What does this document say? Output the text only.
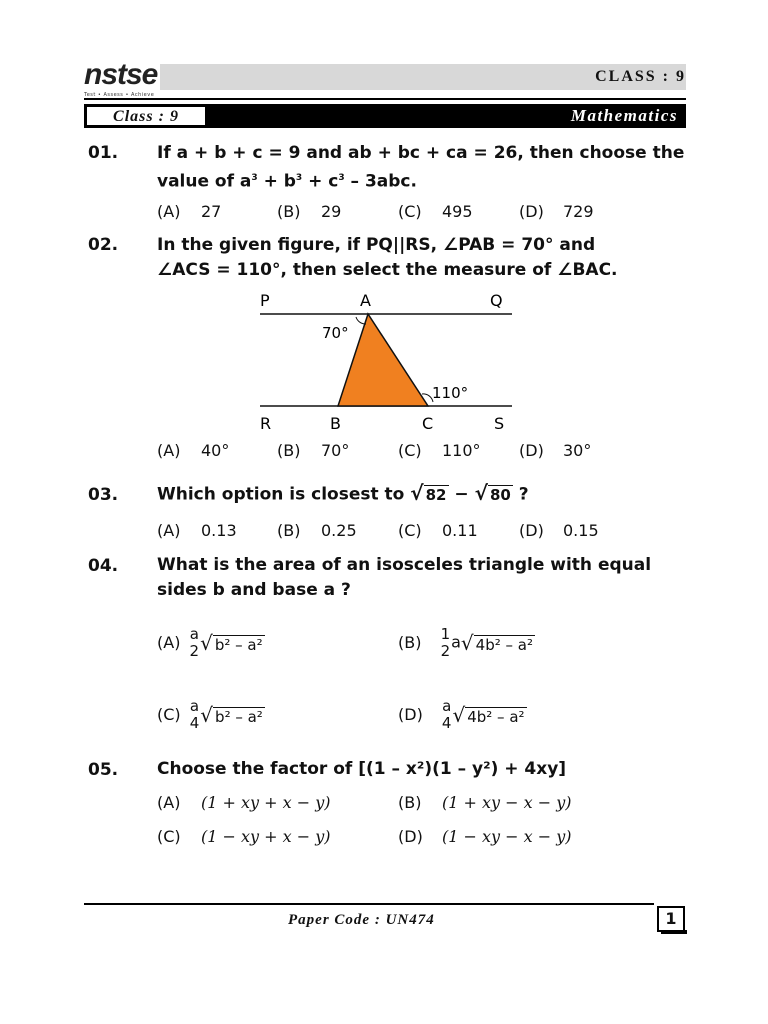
nstse
Test • Assess • Achieve
CLASS : 9
Class : 9	Mathematics
01. If a + b + c = 9 and ab + bc + ca = 26, then choose the
value of $a^3 + b^3 + c^3 - 3abc$.
(A) 27	(B) 29	(C) 495	(D) 729
02. In the given figure, if PQ||RS, ∠PAB = 70° and
∠ACS = 110°, then select the measure of ∠BAC.
P	A	Q
70°
110°
R	B	C	S
(A) 40°	(B) 70°	(C) 110° (D) 30°
03. Which option is closest to √ 82 − √ 80 ?
(A) 0.13	(B) 0.25	(C) 0.11	(D) 0.15
04. What is the area of an isosceles triangle with equal
sides b and base a ?
(A) a
2 √ b² – a²	(B) 1
2 a√ 4b² – a²
(C) a
4 √ b² – a²	(D) a
4 √ 4b² – a²
05. Choose the factor of [(1 – x²)(1 – y²) + 4xy]
(A) (1 + xy + x − y)	(B) (1 + xy − x − y)
(C) (1 − xy + x − y)	(D) (1 − xy − x − y)
Paper Code : UN474	1
